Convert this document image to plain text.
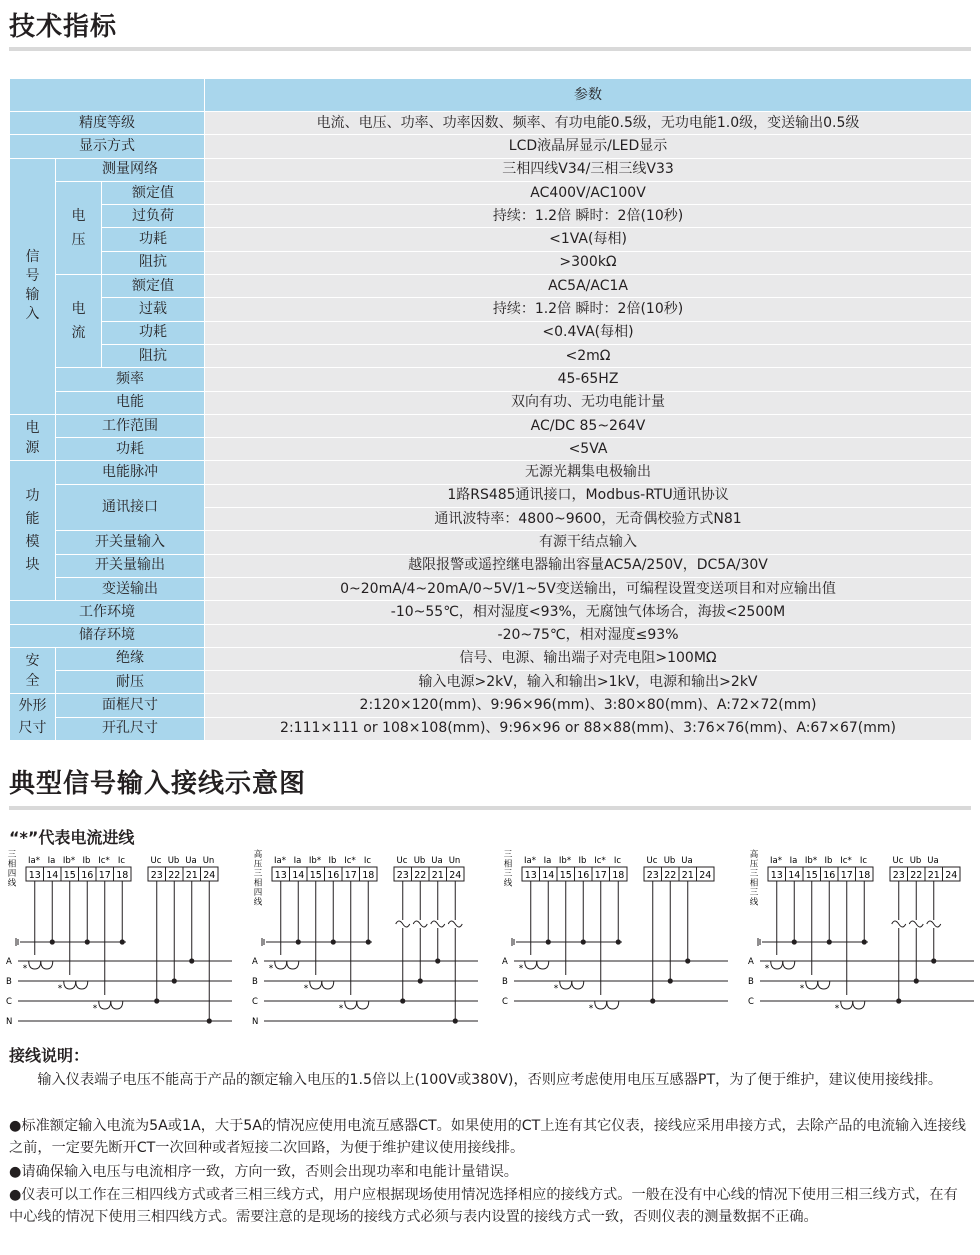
技术指标
			参数
精度等级			电流、电压、功率、功率因数、频率、有功电能0.5级，无功电能1.0级，变送输出0.5级
显示方式			LCD液晶屏显示/LED显示
信号输入	测量网络		三相四线V34/三相三线V33
	电压	额定值	AC400V/AC100V
		过负荷	持续：1.2倍 瞬时：2倍(10秒)
		功耗	<1VA(每相)
		阻抗	>300kΩ
	电流	额定值	AC5A/AC1A
		过载	持续：1.2倍 瞬时：2倍(10秒)
		功耗	<0.4VA(每相)
		阻抗	<2mΩ
	频率		45-65HZ
	电能		双向有功、无功电能计量
电源	工作范围		AC/DC 85~264V
	功耗		<5VA
功能模块	电能脉冲		无源光耦集电极输出
	通讯接口		1路RS485通讯接口，Modbus-RTU通讯协议
			通讯波特率：4800~9600，无奇偶校验方式N81
	开关量输入		有源干结点输入
	开关量输出		越限报警或遥控继电器输出容量AC5A/250V，DC5A/30V
	变送输出		0~20mA/4~20mA/0~5V/1~5V变送输出，可编程设置变送项目和对应输出值
工作环境			-10~55℃，相对湿度<93%，无腐蚀气体场合，海拔<2500M
储存环境			-20~75℃，相对湿度≤93%
安全	绝缘		信号、电源、输出端子对壳电阻>100MΩ
	耐压		输入电源>2kV，输入和输出>1kV，电源和输出>2kV
外形尺寸	面框尺寸		2:120×120(mm)、9:96×96(mm)、3:80×80(mm)、A:72×72(mm)
	开孔尺寸		2:111×111 or 108×108(mm)、9:96×96 or 88×88(mm)、3:76×76(mm)、A:67×67(mm)
典型信号输入接线示意图
“*”代表电流进线
三
相
四
线
Ia* Ia Ib* Ib Ic* Ic
13 14 15 16 17 18
Uc Ub Ua Un
23 22 21 24
A
B
C
N
*
*
*
高
压
三
相
四
线
Ia* Ia Ib* Ib Ic* Ic
13 14 15 16 17 18
Uc Ub Ua Un
23 22 21 24
A
B
C
N
*
*
*
三
相
三
线
Ia* Ia Ib* Ib Ic* Ic
13 14 15 16 17 18
Uc Ub Ua
23 22 21 24
A
B
C
*
*
*
高
压
三
相
三
线
Ia* Ia Ib* Ib Ic* Ic
13 14 15 16 17 18
Uc Ub Ua
23 22 21 24
A
B
C
*
*
*
接线说明：
　　输入仪表端子电压不能高于产品的额定输入电压的1.5倍以上(100V或380V)，否则应考虑使用电压互感器PT，为了便于维护，建议使用接线排。
●标准额定输入电流为5A或1A，大于5A的情况应使用电流互感器CT。如果使用的CT上连有其它仪表，接线应采用串接方式，去除产品的电流输入连接线之前，一定要先断开CT一次回种或者短接二次回路，为便于维护建议使用接线排。
●请确保输入电压与电流相序一致，方向一致，否则会出现功率和电能计量错误。
●仪表可以工作在三相四线方式或者三相三线方式，用户应根据现场使用情况选择相应的接线方式。一般在没有中心线的情况下使用三相三线方式，在有中心线的情况下使用三相四线方式。需要注意的是现场的接线方式必须与表内设置的接线方式一致，否则仪表的测量数据不正确。
